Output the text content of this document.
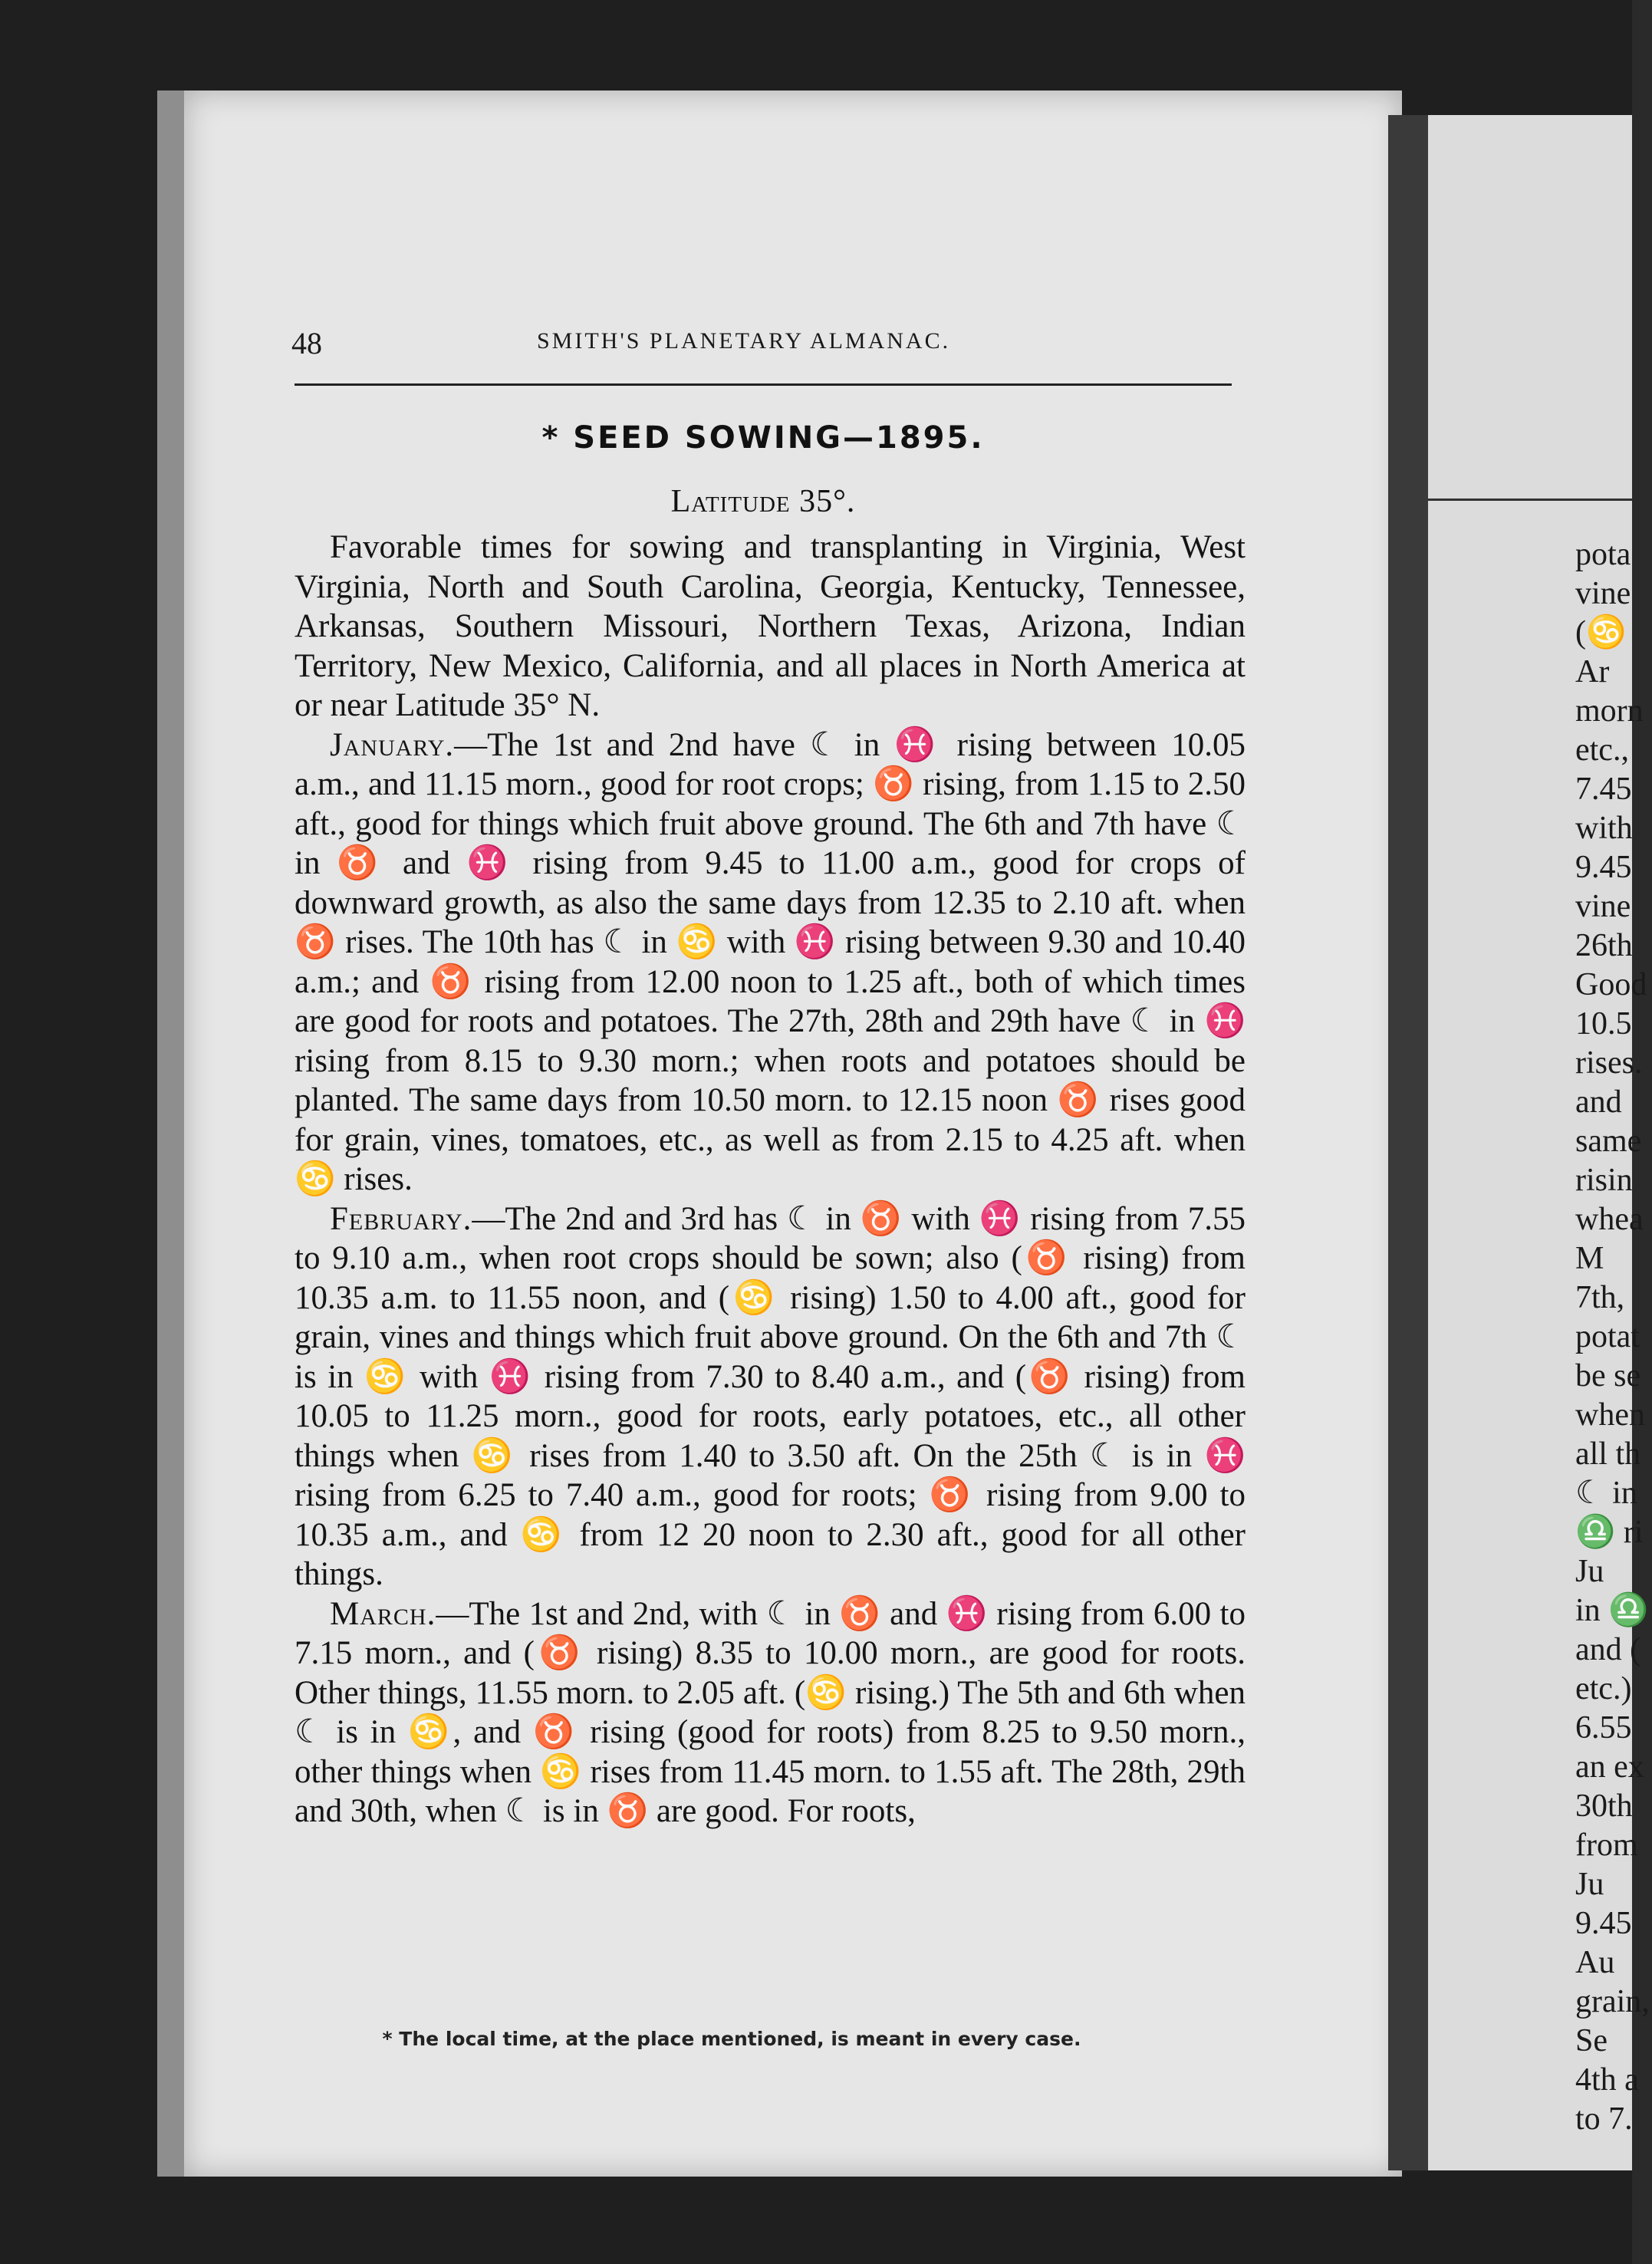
pota
vine
(♋
Ar
morn
etc.,
7.45
with
9.45
vine
26th
Good
10.5
rises.
and
same
risin
whea
M
7th,
potat
be se
when
all th
☾ in
♎ ri
Ju
in ♎
and (
etc.)
6.55
an ex
30th
from
Ju
9.45
Au
grain,
Se
4th a
to 7.
48	SMITH'S PLANETARY ALMANAC.
* SEED SOWING—1895.
Latitude 35°.

Favorable times for sowing and transplanting in Virginia, West Virginia, North and South Carolina, Georgia, Kentucky, Tennessee, Arkansas, Southern Missouri, Northern Texas, Arizona, Indian Territory, New Mexico, California, and all places in North America at or near Latitude 35° N.

January.—The 1st and 2nd have ☾ in ♓ rising between 10.05 a.m., and 11.15 morn., good for root crops; ♉ rising, from 1.15 to 2.50 aft., good for things which fruit above ground. The 6th and 7th have ☾ in ♉ and ♓ rising from 9.45 to 11.00 a.m., good for crops of downward growth, as also the same days from 12.35 to 2.10 aft. when ♉ rises. The 10th has ☾ in ♋ with ♓ rising between 9.30 and 10.40 a.m.; and ♉ rising from 12.00 noon to 1.25 aft., both of which times are good for roots and potatoes. The 27th, 28th and 29th have ☾ in ♓ rising from 8.15 to 9.30 morn.; when roots and potatoes should be planted. The same days from 10.50 morn. to 12.15 noon ♉ rises good for grain, vines, tomatoes, etc., as well as from 2.15 to 4.25 aft. when ♋ rises.

February.—The 2nd and 3rd has ☾ in ♉ with ♓ rising from 7.55 to 9.10 a.m., when root crops should be sown; also (♉ rising) from 10.35 a.m. to 11.55 noon, and (♋ rising) 1.50 to 4.00 aft., good for grain, vines and things which fruit above ground. On the 6th and 7th ☾ is in ♋ with ♓ rising from 7.30 to 8.40 a.m., and (♉ rising) from 10.05 to 11.25 morn., good for roots, early potatoes, etc., all other things when ♋ rises from 1.40 to 3.50 aft. On the 25th ☾ is in ♓ rising from 6.25 to 7.40 a.m., good for roots; ♉ rising from 9.00 to 10.35 a.m., and ♋ from 12 20 noon to 2.30 aft., good for all other things.

March.—The 1st and 2nd, with ☾ in ♉ and ♓ rising from 6.00 to 7.15 morn., and (♉ rising) 8.35 to 10.00 morn., are good for roots. Other things, 11.55 morn. to 2.05 aft. (♋ rising.) The 5th and 6th when ☾ is in ♋, and ♉ rising (good for roots) from 8.25 to 9.50 morn., other things when ♋ rises from 11.45 morn. to 1.55 aft. The 28th, 29th and 30th, when ☾ is in ♉ are good. For roots,

* The local time, at the place mentioned, is meant in every case.
